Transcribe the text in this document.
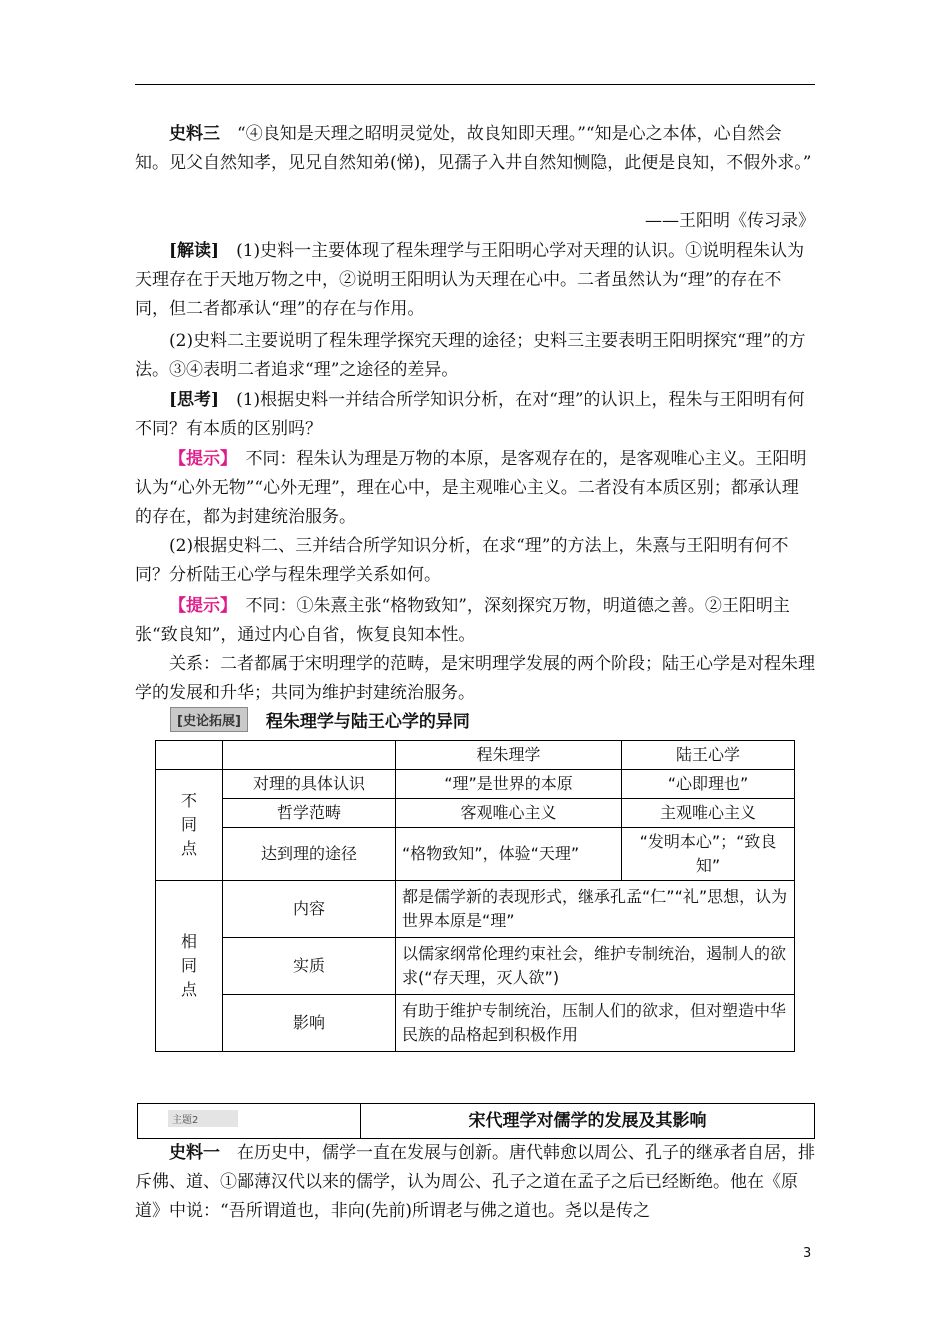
史料三　 “④良知是天理之昭明灵觉处，故良知即天理。”“知是心之本体，心自然会知。见父自然知孝，见兄自然知弟(悌)，见孺子入井自然知恻隐，此便是良知，不假外求。”

——王阳明《传习录》

[解读]　 (1)史料一主要体现了程朱理学与王阳明心学对天理的认识。①说明程朱认为天理存在于天地万物之中，②说明王阳明认为天理在心中。二者虽然认为“理”的存在不同，但二者都承认“理”的存在与作用。

(2)史料二主要说明了程朱理学探究天理的途径；史料三主要表明王阳明探究“理”的方法。③④表明二者追求“理”之途径的差异。

[思考]　 (1)根据史料一并结合所学知识分析，在对“理”的认识上，程朱与王阳明有何不同？有本质的区别吗？

【提示】　 不同：程朱认为理是万物的本原，是客观存在的，是客观唯心主义。王阳明认为“心外无物”“心外无理”，理在心中，是主观唯心主义。二者没有本质区别；都承认理的存在，都为封建统治服务。

(2)根据史料二、三并结合所学知识分析，在求“理”的方法上，朱熹与王阳明有何不同？分析陆王心学与程朱理学关系如何。

【提示】　 不同：①朱熹主张“格物致知”，深刻探究万物，明道德之善。②王阳明主张“致良知”，通过内心自省，恢复良知本性。

关系：二者都属于宋明理学的范畴，是宋明理学发展的两个阶段；陆王心学是对程朱理学的发展和升华；共同为维护封建统治服务。

[史论拓展]	程朱理学与陆王心学的异同
		程朱理学	陆王心学
不
同
点	对理的具体认识	“理”是世界的本原	“心即理也”
	哲学范畴	客观唯心主义	主观唯心主义
	达到理的途径	“格物致知”，体验“天理”	“发明本心”；“致良知”
相
同
点	内容	都是儒学新的表现形式，继承孔孟“仁”“礼”思想，认为世界本原是“理”	
	实质	以儒家纲常伦理约束社会，维护专制统治，遏制人的欲求(“存天理，灭人欲”)	
	影响	有助于维护专制统治，压制人们的欲求，但对塑造中华民族的品格起到积极作用	
主题2	宋代理学对儒学的发展及其影响

史料一　 在历史中，儒学一直在发展与创新。唐代韩愈以周公、孔子的继承者自居，排斥佛、道、①鄙薄汉代以来的儒学，认为周公、孔子之道在孟子之后已经断绝。他在《原道》中说：“吾所谓道也，非向(先前)所谓老与佛之道也。尧以是传之

3
